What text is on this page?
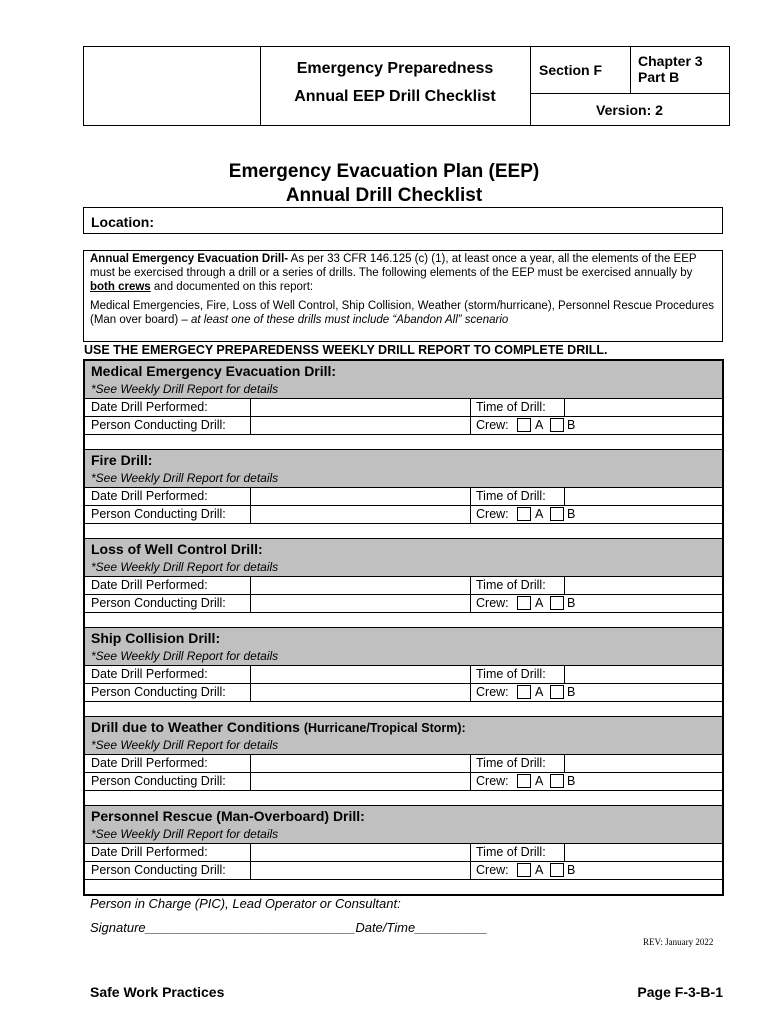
Emergency Preparedness
Annual EEP Drill Checklist
Section F
Chapter 3
Part B
Version: 2
Emergency Evacuation Plan (EEP)
Annual Drill Checklist
Location:

Annual Emergency Evacuation Drill- As per 33 CFR 146.125 (c) (1), at least once a year, all the elements of the EEP must be exercised through a drill or a series of drills. The following elements of the EEP must be exercised annually by both crews and documented on this report:

Medical Emergencies, Fire, Loss of Well Control, Ship Collision, Weather (storm/hurricane), Personnel Rescue Procedures (Man over board) – at least one of these drills must include “Abandon All” scenario

USE THE EMERGECY PREPAREDENSS WEEKLY DRILL REPORT TO COMPLETE DRILL.
Medical Emergency Evacuation Drill:
*See Weekly Drill Report for details
Date Drill Performed:	Time of Drill:
Person Conducting Drill:	Crew: A B
Fire Drill:
*See Weekly Drill Report for details
Date Drill Performed:	Time of Drill:
Person Conducting Drill:	Crew: A B
Loss of Well Control Drill:
*See Weekly Drill Report for details
Date Drill Performed:	Time of Drill:
Person Conducting Drill:	Crew: A B
Ship Collision Drill:
*See Weekly Drill Report for details
Date Drill Performed:	Time of Drill:
Person Conducting Drill:	Crew: A B
Drill due to Weather Conditions (Hurricane/Tropical Storm):
*See Weekly Drill Report for details
Date Drill Performed:	Time of Drill:
Person Conducting Drill:	Crew: A B
Personnel Rescue (Man-Overboard) Drill:
*See Weekly Drill Report for details
Date Drill Performed:	Time of Drill:
Person Conducting Drill:	Crew: A B
Person in Charge (PIC), Lead Operator or Consultant:
Signature_____________________________Date/Time__________
REV: January 2022
Safe Work Practices	Page F-3-B-1
